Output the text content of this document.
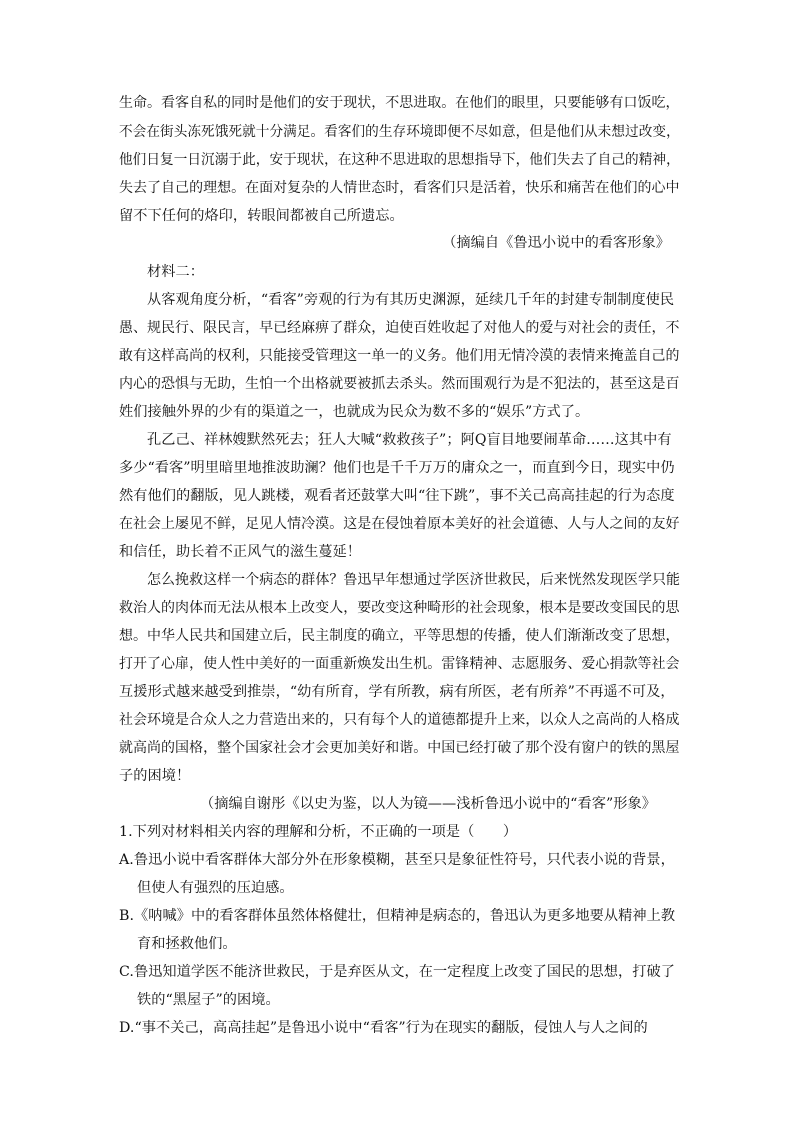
生命。看客自私的同时是他们的安于现状，不思进取。在他们的眼里，只要能够有口饭吃，
不会在街头冻死饿死就十分满足。看客们的生存环境即便不尽如意，但是他们从未想过改变，
他们日复一日沉溺于此，安于现状，在这种不思进取的思想指导下，他们失去了自己的精神，
失去了自己的理想。在面对复杂的人情世态时，看客们只是活着，快乐和痛苦在他们的心中
留不下任何的烙印，转眼间都被自己所遗忘。
（摘编自《鲁迅小说中的看客形象》
材料二：
从客观角度分析，“看客”旁观的行为有其历史渊源，延续几千年的封建专制制度使民
愚、规民行、限民言，早已经麻痹了群众，迫使百姓收起了对他人的爱与对社会的责任，不
敢有这样高尚的权利，只能接受管理这一单一的义务。他们用无情冷漠的表情来掩盖自己的
内心的恐惧与无助，生怕一个出格就要被抓去杀头。然而围观行为是不犯法的，甚至这是百
姓们接触外界的少有的渠道之一，也就成为民众为数不多的“娱乐”方式了。
孔乙己、祥林嫂默然死去；狂人大喊“救救孩子”；阿Q盲目地要闹革命……这其中有
多少“看客”明里暗里地推波助澜？他们也是千千万万的庸众之一，而直到今日，现实中仍
然有他们的翻版，见人跳楼，观看者还鼓掌大叫“往下跳”，事不关己高高挂起的行为态度
在社会上屡见不鲜，足见人情冷漠。这是在侵蚀着原本美好的社会道德、人与人之间的友好
和信任，助长着不正风气的滋生蔓延！
怎么挽救这样一个病态的群体？鲁迅早年想通过学医济世救民，后来恍然发现医学只能
救治人的肉体而无法从根本上改变人，要改变这种畸形的社会现象，根本是要改变国民的思
想。中华人民共和国建立后，民主制度的确立，平等思想的传播，使人们渐渐改变了思想，
打开了心扉，使人性中美好的一面重新焕发出生机。雷锋精神、志愿服务、爱心捐款等社会
互援形式越来越受到推崇，“幼有所育，学有所教，病有所医，老有所养”不再遥不可及，
社会环境是合众人之力营造出来的，只有每个人的道德都提升上来，以众人之高尚的人格成
就高尚的国格，整个国家社会才会更加美好和谐。中国已经打破了那个没有窗户的铁的黑屋
子的困境！
（摘编自谢彤《以史为鉴，以人为镜——浅析鲁迅小说中的“看客”形象》
1.下列对材料相关内容的理解和分析，不正确的一项是（　　）
A.鲁迅小说中看客群体大部分外在形象模糊，甚至只是象征性符号，只代表小说的背景，
但使人有强烈的压迫感。
B.《呐喊》中的看客群体虽然体格健壮，但精神是病态的，鲁迅认为更多地要从精神上教
育和拯救他们。
C.鲁迅知道学医不能济世救民，于是弃医从文，在一定程度上改变了国民的思想，打破了
铁的“黑屋子”的困境。
D.“事不关己，高高挂起”是鲁迅小说中“看客”行为在现实的翻版，侵蚀人与人之间的
